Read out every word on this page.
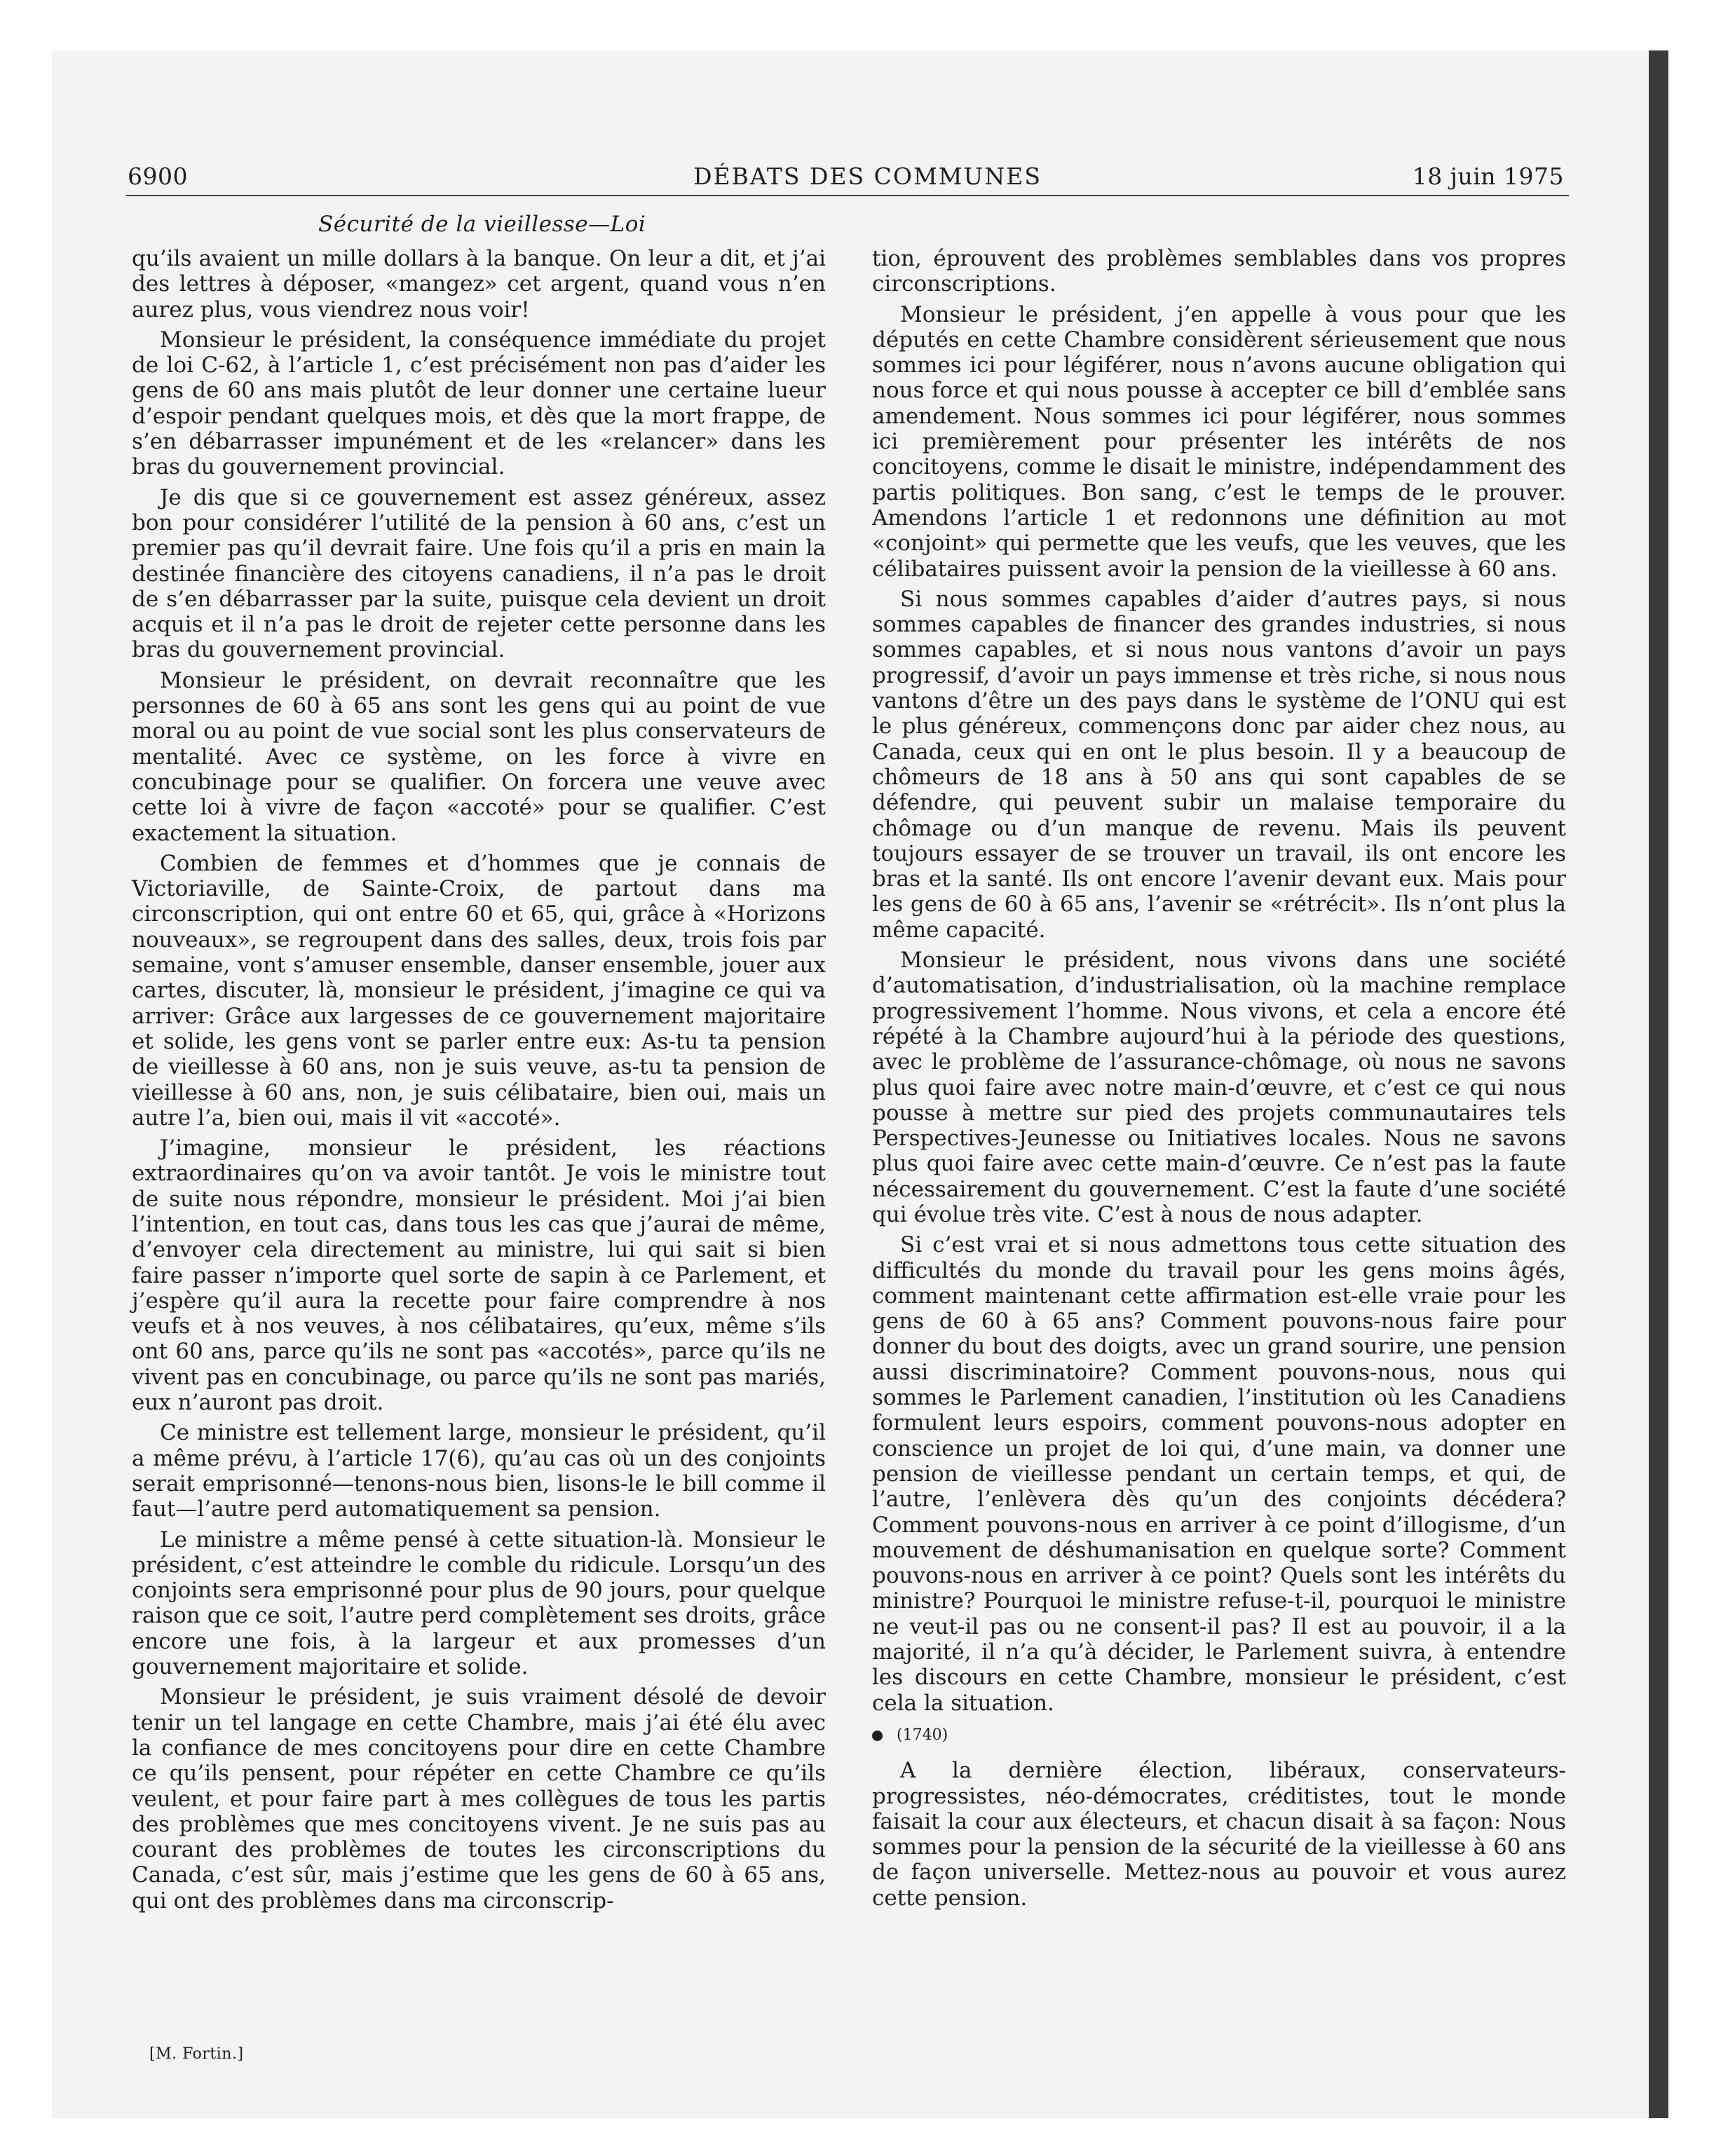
6900	DÉBATS DES COMMUNES	18 juin 1975
Sécurité de la vieillesse—Loi

qu’ils avaient un mille dollars à la banque. On leur a dit, et j’ai des lettres à déposer, «mangez» cet argent, quand vous n’en aurez plus, vous viendrez nous voir!

Monsieur le président, la conséquence immédiate du projet de loi C-62, à l’article 1, c’est précisément non pas d’aider les gens de 60 ans mais plutôt de leur donner une certaine lueur d’espoir pendant quelques mois, et dès que la mort frappe, de s’en débarrasser impunément et de les «relancer» dans les bras du gouvernement provincial.

Je dis que si ce gouvernement est assez généreux, assez bon pour considérer l’utilité de la pension à 60 ans, c’est un premier pas qu’il devrait faire. Une fois qu’il a pris en main la destinée financière des citoyens canadiens, il n’a pas le droit de s’en débarrasser par la suite, puisque cela devient un droit acquis et il n’a pas le droit de rejeter cette personne dans les bras du gouvernement provincial.

Monsieur le président, on devrait reconnaître que les personnes de 60 à 65 ans sont les gens qui au point de vue moral ou au point de vue social sont les plus conservateurs de mentalité. Avec ce système, on les force à vivre en concubinage pour se qualifier. On forcera une veuve avec cette loi à vivre de façon «accoté» pour se qualifier. C’est exactement la situation.

Combien de femmes et d’hommes que je connais de Victoriaville, de Sainte-Croix, de partout dans ma circonscription, qui ont entre 60 et 65, qui, grâce à «Horizons nouveaux», se regroupent dans des salles, deux, trois fois par semaine, vont s’amuser ensemble, danser ensemble, jouer aux cartes, discuter, là, monsieur le président, j’imagine ce qui va arriver: Grâce aux largesses de ce gouvernement majoritaire et solide, les gens vont se parler entre eux: As-tu ta pension de vieillesse à 60 ans, non je suis veuve, as-tu ta pension de vieillesse à 60 ans, non, je suis célibataire, bien oui, mais un autre l’a, bien oui, mais il vit «accoté».

J’imagine, monsieur le président, les réactions extraordinaires qu’on va avoir tantôt. Je vois le ministre tout de suite nous répondre, monsieur le président. Moi j’ai bien l’intention, en tout cas, dans tous les cas que j’aurai de même, d’envoyer cela directement au ministre, lui qui sait si bien faire passer n’importe quel sorte de sapin à ce Parlement, et j’espère qu’il aura la recette pour faire comprendre à nos veufs et à nos veuves, à nos célibataires, qu’eux, même s’ils ont 60 ans, parce qu’ils ne sont pas «accotés», parce qu’ils ne vivent pas en concubinage, ou parce qu’ils ne sont pas mariés, eux n’auront pas droit.

Ce ministre est tellement large, monsieur le président, qu’il a même prévu, à l’article 17(6), qu’au cas où un des conjoints serait emprisonné—tenons-nous bien, lisons-le le bill comme il faut—l’autre perd automatiquement sa pension.

Le ministre a même pensé à cette situation-là. Monsieur le président, c’est atteindre le comble du ridicule. Lorsqu’un des conjoints sera emprisonné pour plus de 90 jours, pour quelque raison que ce soit, l’autre perd complètement ses droits, grâce encore une fois, à la largeur et aux promesses d’un gouvernement majoritaire et solide.

Monsieur le président, je suis vraiment désolé de devoir tenir un tel langage en cette Chambre, mais j’ai été élu avec la confiance de mes concitoyens pour dire en cette Chambre ce qu’ils pensent, pour répéter en cette Chambre ce qu’ils veulent, et pour faire part à mes collègues de tous les partis des problèmes que mes concitoyens vivent. Je ne suis pas au courant des problèmes de toutes les circonscriptions du Canada, c’est sûr, mais j’estime que les gens de 60 à 65 ans, qui ont des problèmes dans ma circonscrip-

tion, éprouvent des problèmes semblables dans vos propres circonscriptions.

Monsieur le président, j’en appelle à vous pour que les députés en cette Chambre considèrent sérieusement que nous sommes ici pour légiférer, nous n’avons aucune obligation qui nous force et qui nous pousse à accepter ce bill d’emblée sans amendement. Nous sommes ici pour légiférer, nous sommes ici premièrement pour présenter les intérêts de nos concitoyens, comme le disait le ministre, indépendamment des partis politiques. Bon sang, c’est le temps de le prouver. Amendons l’article 1 et redonnons une définition au mot «conjoint» qui permette que les veufs, que les veuves, que les célibataires puissent avoir la pension de la vieillesse à 60 ans.

Si nous sommes capables d’aider d’autres pays, si nous sommes capables de financer des grandes industries, si nous sommes capables, et si nous nous vantons d’avoir un pays progressif, d’avoir un pays immense et très riche, si nous nous vantons d’être un des pays dans le système de l’ONU qui est le plus généreux, commençons donc par aider chez nous, au Canada, ceux qui en ont le plus besoin. Il y a beaucoup de chômeurs de 18 ans à 50 ans qui sont capables de se défendre, qui peuvent subir un malaise temporaire du chômage ou d’un manque de revenu. Mais ils peuvent toujours essayer de se trouver un travail, ils ont encore les bras et la santé. Ils ont encore l’avenir devant eux. Mais pour les gens de 60 à 65 ans, l’avenir se «rétrécit». Ils n’ont plus la même capacité.

Monsieur le président, nous vivons dans une société d’automatisation, d’industrialisation, où la machine remplace progressivement l’homme. Nous vivons, et cela a encore été répété à la Chambre aujourd’hui à la période des questions, avec le problème de l’assurance-chômage, où nous ne savons plus quoi faire avec notre main-d’œuvre, et c’est ce qui nous pousse à mettre sur pied des projets communautaires tels Perspectives-Jeunesse ou Initiatives locales. Nous ne savons plus quoi faire avec cette main-d’œuvre. Ce n’est pas la faute nécessairement du gouvernement. C’est la faute d’une société qui évolue très vite. C’est à nous de nous adapter.

Si c’est vrai et si nous admettons tous cette situation des difficultés du monde du travail pour les gens moins âgés, comment maintenant cette affirmation est-elle vraie pour les gens de 60 à 65 ans? Comment pouvons-nous faire pour donner du bout des doigts, avec un grand sourire, une pension aussi discriminatoire? Comment pouvons-nous, nous qui sommes le Parlement canadien, l’institution où les Canadiens formulent leurs espoirs, comment pouvons-nous adopter en conscience un projet de loi qui, d’une main, va donner une pension de vieillesse pendant un certain temps, et qui, de l’autre, l’enlèvera dès qu’un des conjoints décédera? Comment pouvons-nous en arriver à ce point d’illogisme, d’un mouvement de déshumanisation en quelque sorte? Comment pouvons-nous en arriver à ce point? Quels sont les intérêts du ministre? Pourquoi le ministre refuse-t-il, pourquoi le ministre ne veut-il pas ou ne consent-il pas? Il est au pouvoir, il a la majorité, il n’a qu’à décider, le Parlement suivra, à entendre les discours en cette Chambre, monsieur le président, c’est cela la situation.

(1740)

A la dernière élection, libéraux, conservateurs-progressistes, néo-démocrates, créditistes, tout le monde faisait la cour aux électeurs, et chacun disait à sa façon: Nous sommes pour la pension de la sécurité de la vieillesse à 60 ans de façon universelle. Mettez-nous au pouvoir et vous aurez cette pension.

[M. Fortin.]
